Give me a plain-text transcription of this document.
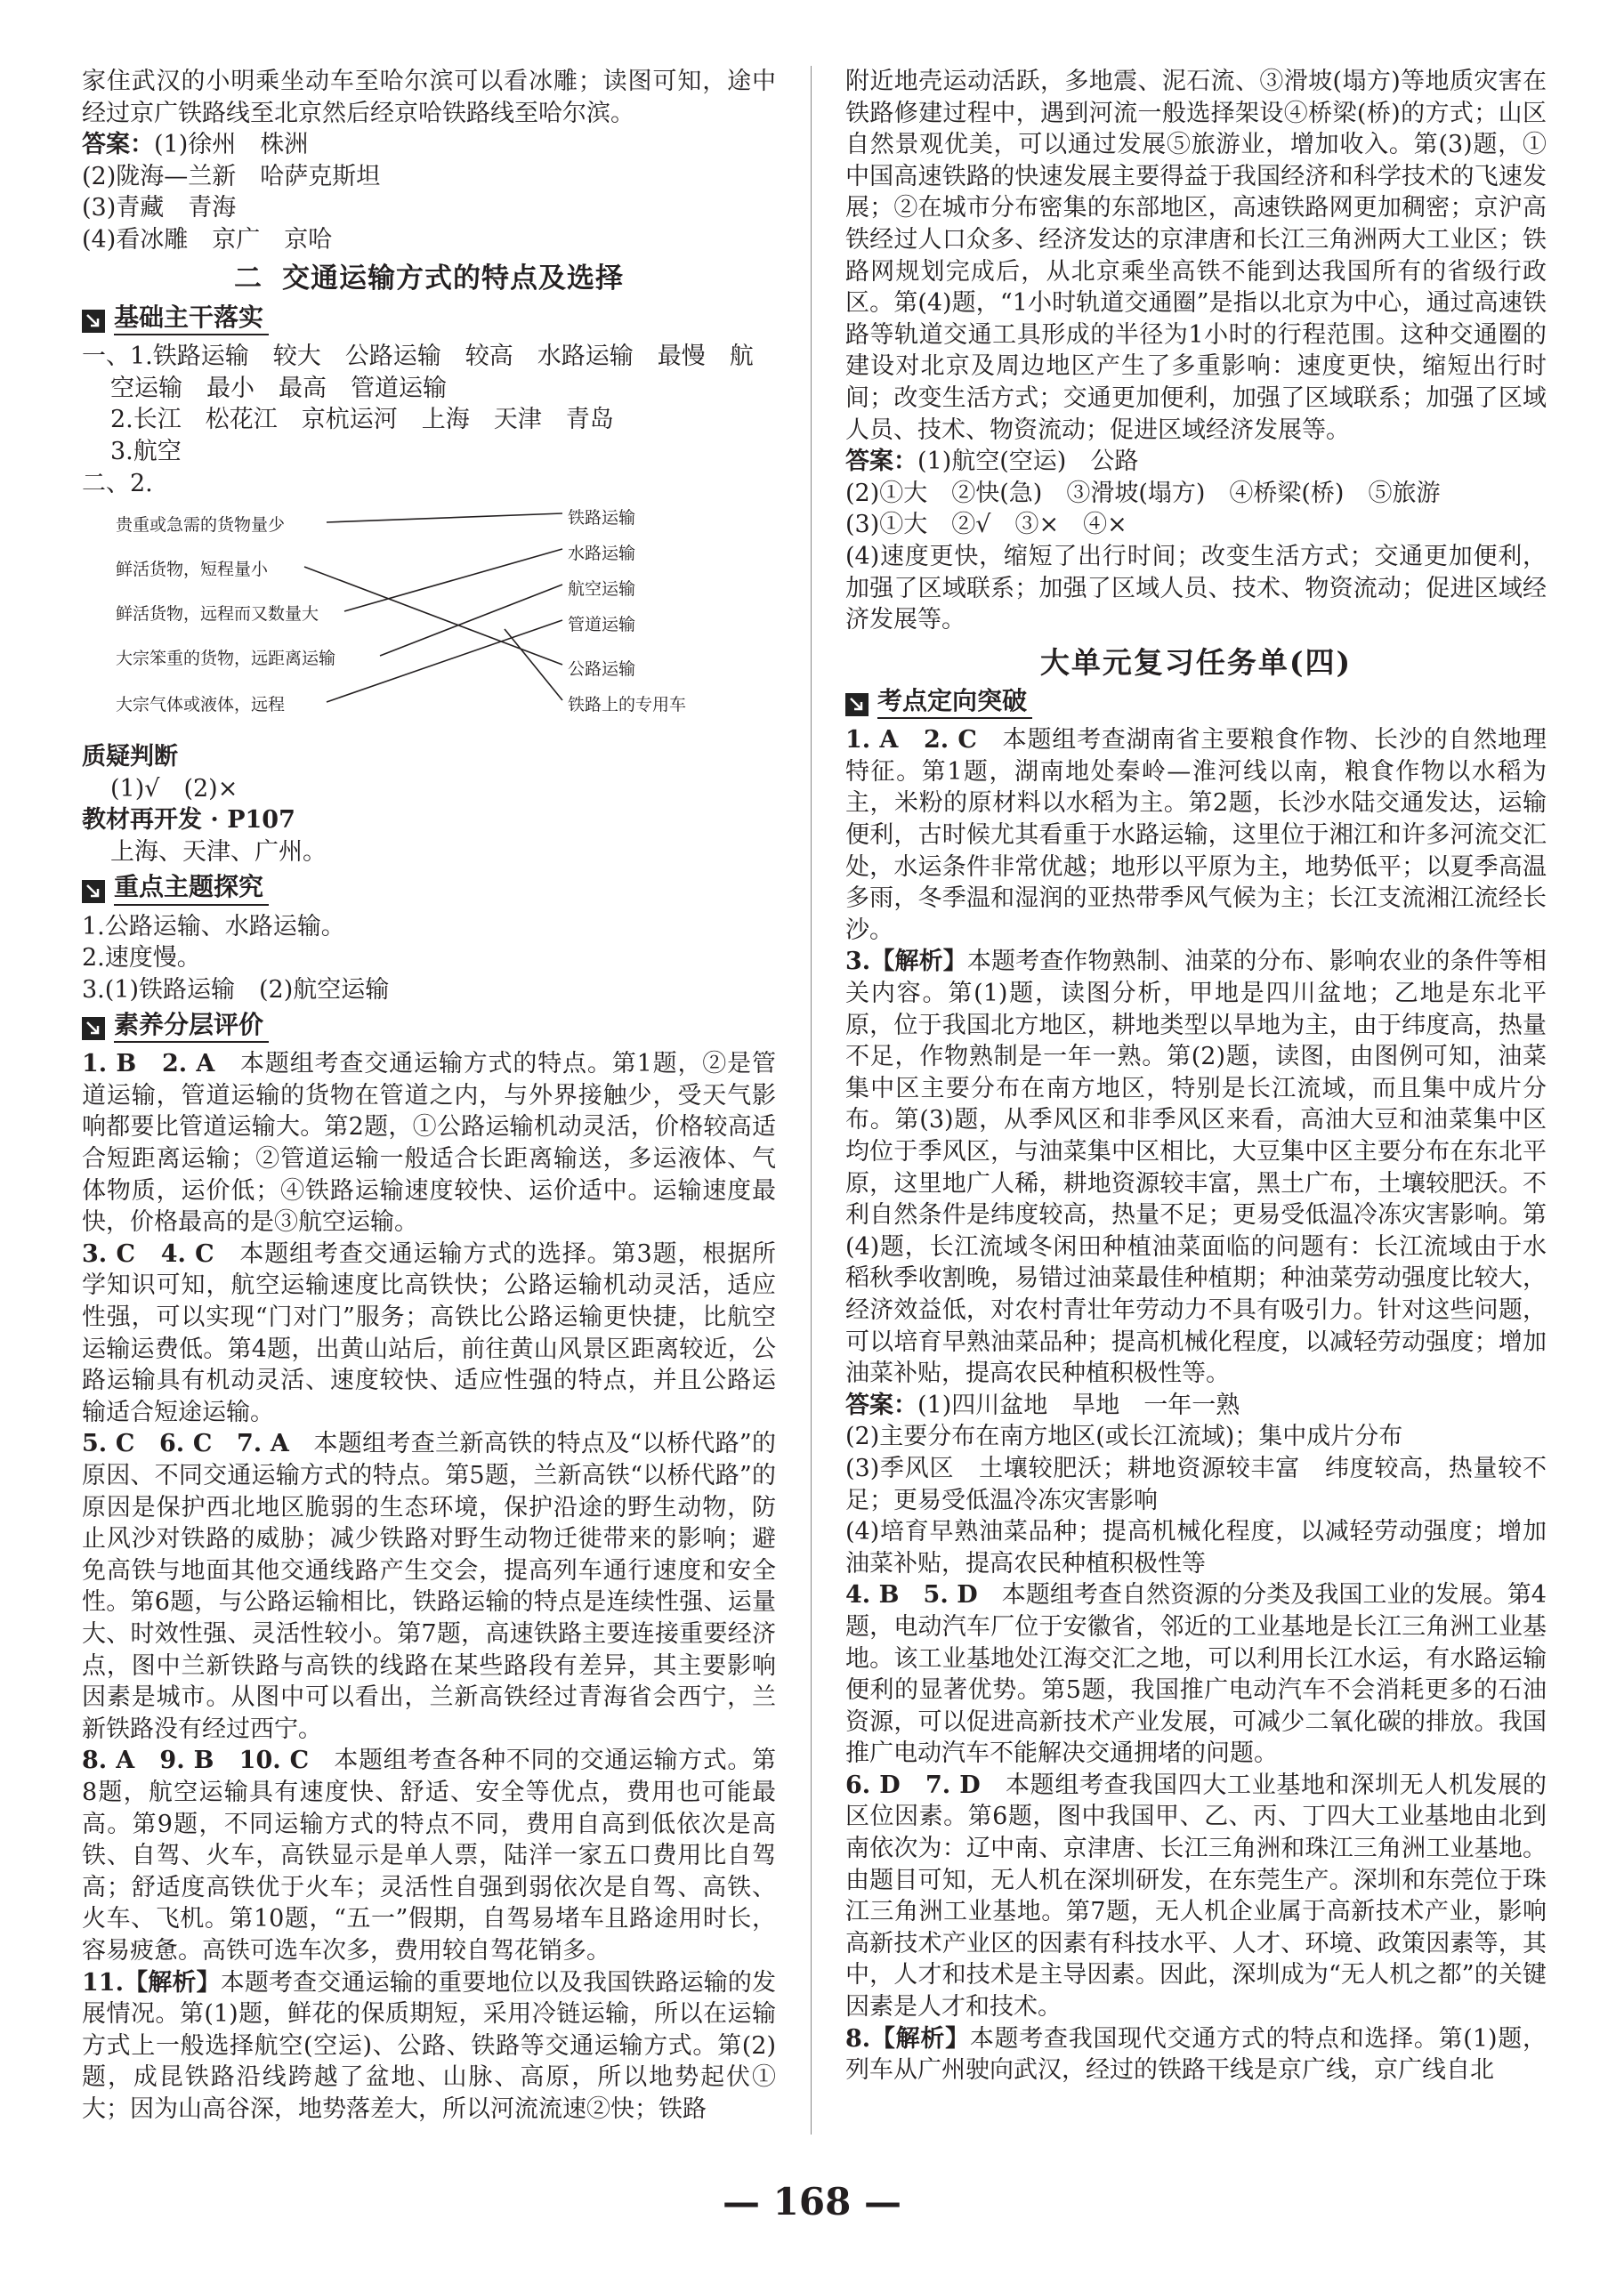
家住武汉的小明乘坐动车至哈尔滨可以看冰雕；读图可知，途中经过京广铁路线至北京然后经京哈铁路线至哈尔滨。

答案：(1)徐州　株洲

(2)陇海—兰新　哈萨克斯坦

(3)青藏　青海

(4)看冰雕　京广　京哈

二 交通运输方式的特点及选择
基础主干落实

一、1.铁路运输　较大　公路运输　较高　水路运输　最慢　航

空运输　最小　最高　管道运输

2.长江　松花江　京杭运河　上海　天津　青岛

3.航空

二、2.

贵重或急需的货物量少
鲜活货物，短程量小
鲜活货物，远程而又数量大
大宗笨重的货物，远距离运输
大宗气体或液体，远程
铁路运输
水路运输
航空运输
管道运输
公路运输
铁路上的专用车

质疑判断

(1)√　(2)×

教材再开发 · P107

上海、天津、广州。

重点主题探究

1.公路运输、水路运输。

2.速度慢。

3.(1)铁路运输　(2)航空运输

素养分层评价

1. B　2. A　 本题组考查交通运输方式的特点。第1题，②是管道运输，管道运输的货物在管道之内，与外界接触少，受天气影响都要比管道运输大。第2题，①公路运输机动灵活，价格较高适合短距离运输；②管道运输一般适合长距离输送，多运液体、气体物质，运价低；④铁路运输速度较快、运价适中。运输速度最快，价格最高的是③航空运输。

3. C　4. C　 本题组考查交通运输方式的选择。第3题，根据所学知识可知，航空运输速度比高铁快；公路运输机动灵活，适应性强，可以实现“门对门”服务；高铁比公路运输更快捷，比航空运输运费低。第4题，出黄山站后，前往黄山风景区距离较近，公路运输具有机动灵活、速度较快、适应性强的特点，并且公路运输适合短途运输。

5. C　6. C　7. A　 本题组考查兰新高铁的特点及“以桥代路”的原因、不同交通运输方式的特点。第5题，兰新高铁“以桥代路”的原因是保护西北地区脆弱的生态环境，保护沿途的野生动物，防止风沙对铁路的威胁；减少铁路对野生动物迁徙带来的影响；避免高铁与地面其他交通线路产生交会，提高列车通行速度和安全性。第6题，与公路运输相比，铁路运输的特点是连续性强、运量大、时效性强、灵活性较小。第7题，高速铁路主要连接重要经济点，图中兰新铁路与高铁的线路在某些路段有差异，其主要影响因素是城市。从图中可以看出，兰新高铁经过青海省会西宁，兰新铁路没有经过西宁。

8. A　9. B　10. C　 本题组考查各种不同的交通运输方式。第8题，航空运输具有速度快、舒适、安全等优点，费用也可能最高。第9题，不同运输方式的特点不同，费用自高到低依次是高铁、自驾、火车，高铁显示是单人票，陆洋一家五口费用比自驾高；舒适度高铁优于火车；灵活性自强到弱依次是自驾、高铁、火车、飞机。第10题，“五一”假期，自驾易堵车且路途用时长，容易疲惫。高铁可选车次多，费用较自驾花销多。

11.【解析】本题考查交通运输的重要地位以及我国铁路运输的发展情况。第(1)题，鲜花的保质期短，采用冷链运输，所以在运输方式上一般选择航空(空运)、公路、铁路等交通运输方式。第(2)题，成昆铁路沿线跨越了盆地、山脉、高原，所以地势起伏①大；因为山高谷深，地势落差大，所以河流流速②快；铁路

附近地壳运动活跃，多地震、泥石流、③滑坡(塌方)等地质灾害在铁路修建过程中，遇到河流一般选择架设④桥梁(桥)的方式；山区自然景观优美，可以通过发展⑤旅游业，增加收入。第(3)题，①中国高速铁路的快速发展主要得益于我国经济和科学技术的飞速发展；②在城市分布密集的东部地区，高速铁路网更加稠密；京沪高铁经过人口众多、经济发达的京津唐和长江三角洲两大工业区；铁路网规划完成后，从北京乘坐高铁不能到达我国所有的省级行政区。第(4)题，“1小时轨道交通圈”是指以北京为中心，通过高速铁路等轨道交通工具形成的半径为1小时的行程范围。这种交通圈的建设对北京及周边地区产生了多重影响：速度更快，缩短出行时间；改变生活方式；交通更加便利，加强了区域联系；加强了区域人员、技术、物资流动；促进区域经济发展等。

答案：(1)航空(空运)　公路

(2)①大　②快(急)　③滑坡(塌方)　④桥梁(桥)　⑤旅游

(3)①大　②√　③×　④×

(4)速度更快，缩短了出行时间；改变生活方式；交通更加便利，加强了区域联系；加强了区域人员、技术、物资流动；促进区域经济发展等。

大单元复习任务单(四)
考点定向突破

1. A　2. C　 本题组考查湖南省主要粮食作物、长沙的自然地理特征。第1题，湖南地处秦岭—淮河线以南，粮食作物以水稻为主，米粉的原材料以水稻为主。第2题，长沙水陆交通发达，运输便利，古时候尤其看重于水路运输，这里位于湘江和许多河流交汇处，水运条件非常优越；地形以平原为主，地势低平；以夏季高温多雨，冬季温和湿润的亚热带季风气候为主；长江支流湘江流经长沙。

3.【解析】本题考查作物熟制、油菜的分布、影响农业的条件等相关内容。第(1)题，读图分析，甲地是四川盆地；乙地是东北平原，位于我国北方地区，耕地类型以旱地为主，由于纬度高，热量不足，作物熟制是一年一熟。第(2)题，读图，由图例可知，油菜集中区主要分布在南方地区，特别是长江流域，而且集中成片分布。第(3)题，从季风区和非季风区来看，高油大豆和油菜集中区均位于季风区，与油菜集中区相比，大豆集中区主要分布在东北平原，这里地广人稀，耕地资源较丰富，黑土广布，土壤较肥沃。不利自然条件是纬度较高，热量不足；更易受低温冷冻灾害影响。第(4)题，长江流域冬闲田种植油菜面临的问题有：长江流域由于水稻秋季收割晚，易错过油菜最佳种植期；种油菜劳动强度比较大，经济效益低，对农村青壮年劳动力不具有吸引力。针对这些问题，可以培育早熟油菜品种；提高机械化程度，以减轻劳动强度；增加油菜补贴，提高农民种植积极性等。

答案：(1)四川盆地　旱地　一年一熟

(2)主要分布在南方地区(或长江流域)；集中成片分布

(3)季风区　土壤较肥沃；耕地资源较丰富　纬度较高，热量较不足；更易受低温冷冻灾害影响

(4)培育早熟油菜品种；提高机械化程度，以减轻劳动强度；增加油菜补贴，提高农民种植积极性等

4. B　5. D　 本题组考查自然资源的分类及我国工业的发展。第4题，电动汽车厂位于安徽省，邻近的工业基地是长江三角洲工业基地。该工业基地处江海交汇之地，可以利用长江水运，有水路运输便利的显著优势。第5题，我国推广电动汽车不会消耗更多的石油资源，可以促进高新技术产业发展，可减少二氧化碳的排放。我国推广电动汽车不能解决交通拥堵的问题。

6. D　7. D　 本题组考查我国四大工业基地和深圳无人机发展的区位因素。第6题，图中我国甲、乙、丙、丁四大工业基地由北到南依次为：辽中南、京津唐、长江三角洲和珠江三角洲工业基地。由题目可知，无人机在深圳研发，在东莞生产。深圳和东莞位于珠江三角洲工业基地。第7题，无人机企业属于高新技术产业，影响高新技术产业区的因素有科技水平、人才、环境、政策因素等，其中，人才和技术是主导因素。因此，深圳成为“无人机之都”的关键因素是人才和技术。

8.【解析】本题考查我国现代交通方式的特点和选择。第(1)题，列车从广州驶向武汉，经过的铁路干线是京广线，京广线自北

— 168 —
